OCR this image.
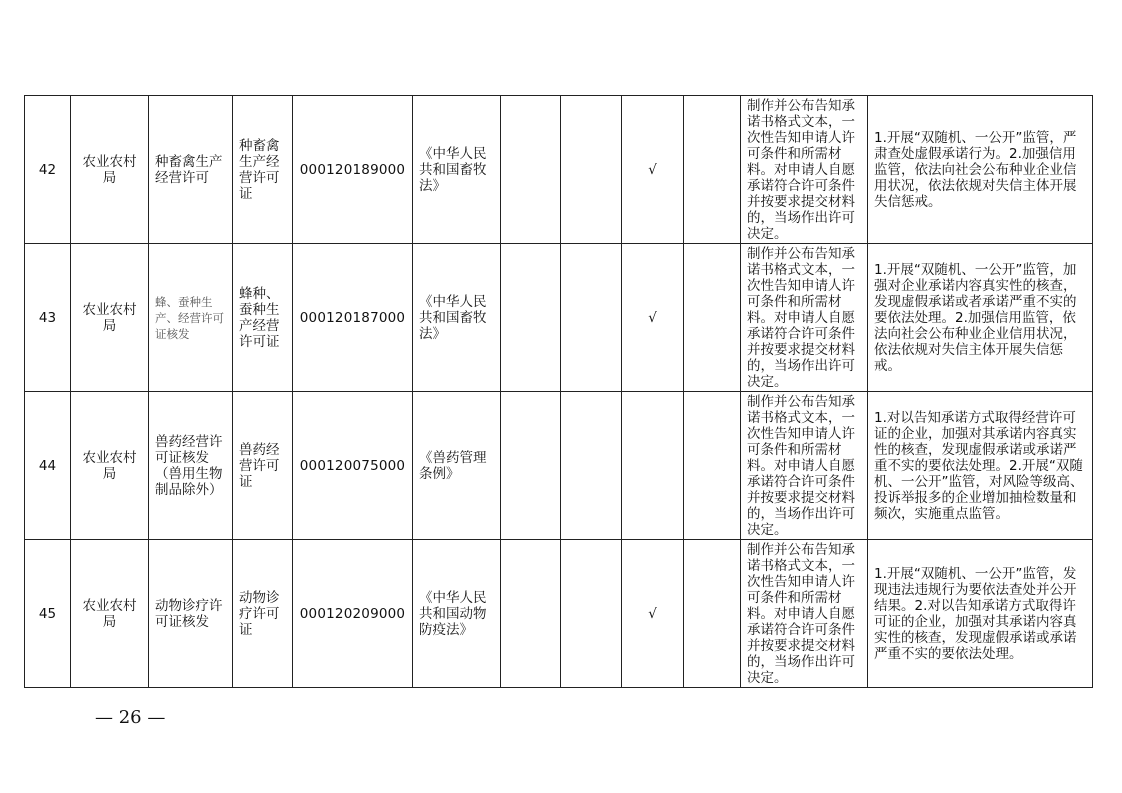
42	农业农村局	种畜禽生产经营许可	种畜禽生产经营许可证	000120189000	《中华人民共和国畜牧法》			√		制作并公布告知承诺书格式文本，一次性告知申请人许可条件和所需材料。对申请人自愿承诺符合许可条件并按要求提交材料的，当场作出许可决定。	1.开展“双随机、一公开”监管，严肃查处虚假承诺行为。2.加强信用监管，依法向社会公布种业企业信用状况，依法依规对失信主体开展失信惩戒。
43	农业农村局	蜂、蚕种生产、经营许可证核发	蜂种、蚕种生产经营许可证	000120187000	《中华人民共和国畜牧法》			√		制作并公布告知承诺书格式文本，一次性告知申请人许可条件和所需材料。对申请人自愿承诺符合许可条件并按要求提交材料的，当场作出许可决定。	1.开展“双随机、一公开”监管，加强对企业承诺内容真实性的核查，发现虚假承诺或者承诺严重不实的要依法处理。2.加强信用监管，依法向社会公布种业企业信用状况，依法依规对失信主体开展失信惩戒。
44	农业农村局	兽药经营许可证核发（兽用生物制品除外）	兽药经营许可证	000120075000	《兽药管理条例》					制作并公布告知承诺书格式文本，一次性告知申请人许可条件和所需材料。对申请人自愿承诺符合许可条件并按要求提交材料的，当场作出许可决定。	1.对以告知承诺方式取得经营许可证的企业，加强对其承诺内容真实性的核查，发现虚假承诺或承诺严重不实的要依法处理。2.开展“双随机、一公开”监管，对风险等级高、投诉举报多的企业增加抽检数量和频次，实施重点监管。
45	农业农村局	动物诊疗许可证核发	动物诊疗许可证	000120209000	《中华人民共和国动物防疫法》			√		制作并公布告知承诺书格式文本，一次性告知申请人许可条件和所需材料。对申请人自愿承诺符合许可条件并按要求提交材料的，当场作出许可决定。	1.开展“双随机、一公开”监管，发现违法违规行为要依法查处并公开结果。2.对以告知承诺方式取得许可证的企业，加强对其承诺内容真实性的核查，发现虚假承诺或承诺严重不实的要依法处理。
— 26 —
